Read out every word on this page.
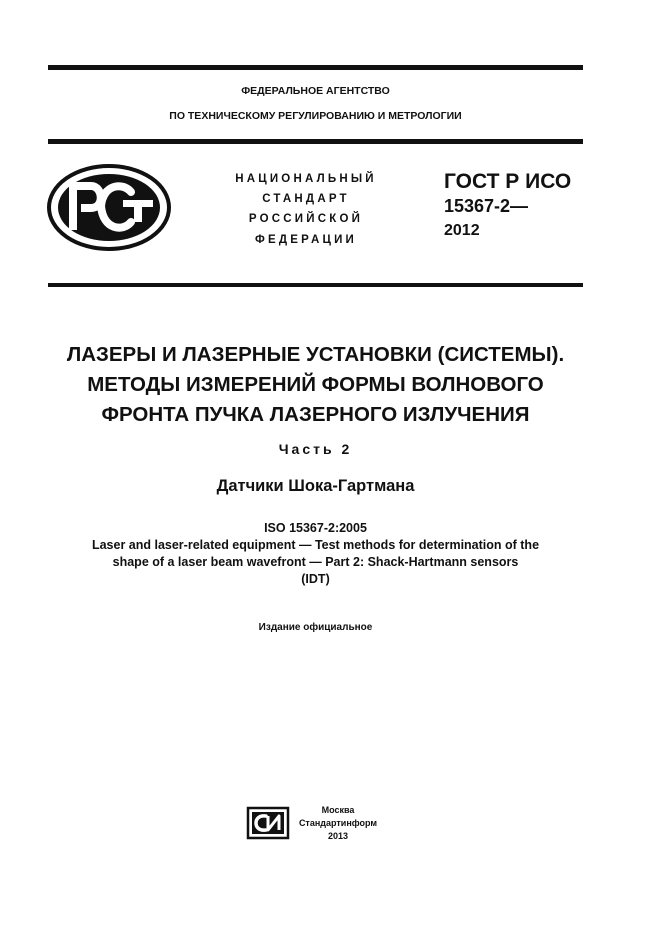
ФЕДЕРАЛЬНОЕ АГЕНТСТВО
ПО ТЕХНИЧЕСКОМУ РЕГУЛИРОВАНИЮ И МЕТРОЛОГИИ
НАЦИОНАЛЬНЫЙ
СТАНДАРТ
РОССИЙСКОЙ
ФЕДЕРАЦИИ
ГОСТ Р ИСО
15367-2—
2012
ЛАЗЕРЫ И ЛАЗЕРНЫЕ УСТАНОВКИ (СИСТЕМЫ).
МЕТОДЫ ИЗМЕРЕНИЙ ФОРМЫ ВОЛНОВОГО
ФРОНТА ПУЧКА ЛАЗЕРНОГО ИЗЛУЧЕНИЯ
Часть 2
Датчики Шока-Гартмана
ISO 15367-2:2005
Laser and laser-related equipment — Test methods for determination of the
shape of a laser beam wavefront — Part 2: Shack-Hartmann sensors
(IDT)
Издание официальное
Москва
Стандартинформ
2013
